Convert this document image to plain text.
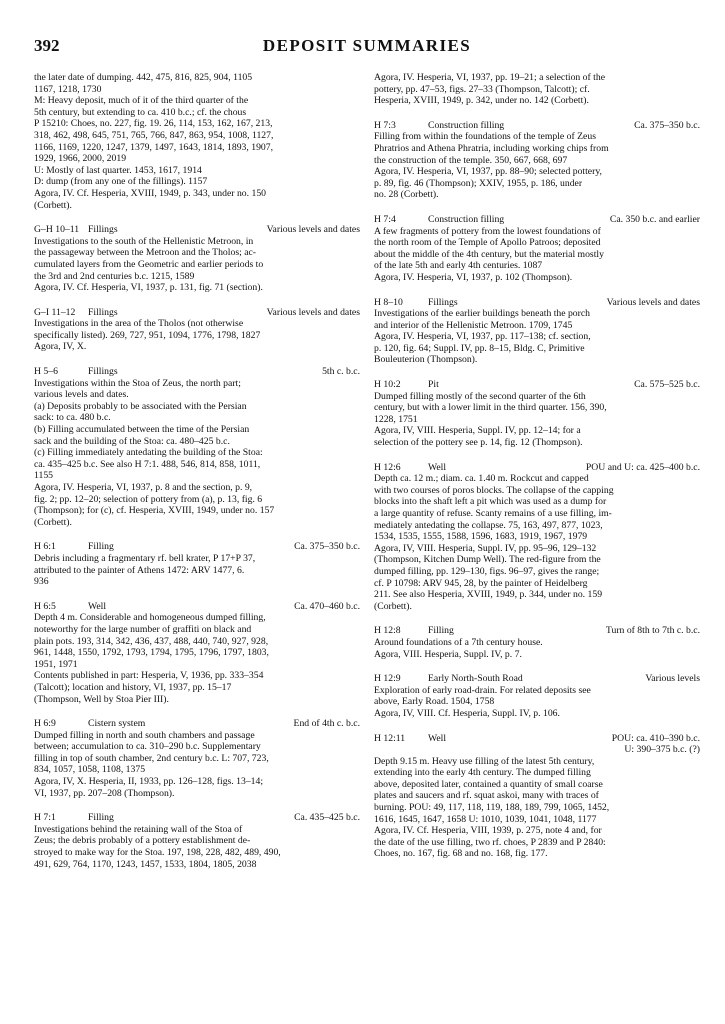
392	DEPOSIT SUMMARIES
the later date of dumping. 442, 475, 816, 825, 904, 1105
1167, 1218, 1730
M: Heavy deposit, much of it of the third quarter of the
5th century, but extending to ca. 410 b.c.; cf. the chous
P 15210: Choes, no. 227, fig. 19. 26, 114, 153, 162, 167, 213,
318, 462, 498, 645, 751, 765, 766, 847, 863, 954, 1008, 1127,
1166, 1169, 1220, 1247, 1379, 1497, 1643, 1814, 1893, 1907,
1929, 1966, 2000, 2019
U: Mostly of last quarter. 1453, 1617, 1914
D: dump (from any one of the fillings). 1157
Agora, IV. Cf. Hesperia, XVIII, 1949, p. 343, under no. 150
(Corbett).
G–H 10–11 Fillings	Various levels and dates
Investigations to the south of the Hellenistic Metroon, in
the passageway between the Metroon and the Tholos; ac-
cumulated layers from the Geometric and earlier periods to
the 3rd and 2nd centuries b.c. 1215, 1589
Agora, IV. Cf. Hesperia, VI, 1937, p. 131, fig. 71 (section).
G–I 11–12 Fillings	Various levels and dates
Investigations in the area of the Tholos (not otherwise
specifically listed). 269, 727, 951, 1094, 1776, 1798, 1827
Agora, IV, X.
H 5–6	Fillings	5th c. b.c.
Investigations within the Stoa of Zeus, the north part;
various levels and dates.
(a) Deposits probably to be associated with the Persian
sack: to ca. 480 b.c.
(b) Filling accumulated between the time of the Persian
sack and the building of the Stoa: ca. 480–425 b.c.
(c) Filling immediately antedating the building of the Stoa:
ca. 435–425 b.c. See also H 7:1. 488, 546, 814, 858, 1011,
1155
Agora, IV. Hesperia, VI, 1937, p. 8 and the section, p. 9,
fig. 2; pp. 12–20; selection of pottery from (a), p. 13, fig. 6
(Thompson); for (c), cf. Hesperia, XVIII, 1949, under no. 157
(Corbett).
H 6:1	Filling	Ca. 375–350 b.c.
Debris including a fragmentary rf. bell krater, P 17+P 37,
attributed to the painter of Athens 1472: ARV 1477, 6.
936
H 6:5	Well	Ca. 470–460 b.c.
Depth 4 m. Considerable and homogeneous dumped filling,
noteworthy for the large number of graffiti on black and
plain pots. 193, 314, 342, 436, 437, 488, 440, 740, 927, 928,
961, 1448, 1550, 1792, 1793, 1794, 1795, 1796, 1797, 1803,
1951, 1971
Contents published in part: Hesperia, V, 1936, pp. 333–354
(Talcott); location and history, VI, 1937, pp. 15–17
(Thompson, Well by Stoa Pier III).
H 6:9	Cistern system	End of 4th c. b.c.
Dumped filling in north and south chambers and passage
between; accumulation to ca. 310–290 b.c. Supplementary
filling in top of south chamber, 2nd century b.c. L: 707, 723,
834, 1057, 1058, 1108, 1375
Agora, IV, X. Hesperia, II, 1933, pp. 126–128, figs. 13–14;
VI, 1937, pp. 207–208 (Thompson).
H 7:1	Filling	Ca. 435–425 b.c.
Investigations behind the retaining wall of the Stoa of
Zeus; the debris probably of a pottery establishment de-
stroyed to make way for the Stoa. 197, 198, 228, 482, 489, 490,
491, 629, 764, 1170, 1243, 1457, 1533, 1804, 1805, 2038
Agora, IV. Hesperia, VI, 1937, pp. 19–21; a selection of the
pottery, pp. 47–53, figs. 27–33 (Thompson, Talcott); cf.
Hesperia, XVIII, 1949, p. 342, under no. 142 (Corbett).
H 7:3	Construction filling	Ca. 375–350 b.c.
Filling from within the foundations of the temple of Zeus
Phratrios and Athena Phratria, including working chips from
the construction of the temple. 350, 667, 668, 697
Agora, IV. Hesperia, VI, 1937, pp. 88–90; selected pottery,
p. 89, fig. 46 (Thompson); XXIV, 1955, p. 186, under
no. 28 (Corbett).
H 7:4	Construction filling	Ca. 350 b.c. and earlier
A few fragments of pottery from the lowest foundations of
the north room of the Temple of Apollo Patroos; deposited
about the middle of the 4th century, but the material mostly
of the late 5th and early 4th centuries. 1087
Agora, IV. Hesperia, VI, 1937, p. 102 (Thompson).
H 8–10	Fillings	Various levels and dates
Investigations of the earlier buildings beneath the porch
and interior of the Hellenistic Metroon. 1709, 1745
Agora, IV. Hesperia, VI, 1937, pp. 117–138; cf. section,
p. 120, fig. 64; Suppl. IV, pp. 8–15, Bldg. C, Primitive
Bouleuterion (Thompson).
H 10:2	Pit	Ca. 575–525 b.c.
Dumped filling mostly of the second quarter of the 6th
century, but with a lower limit in the third quarter. 156, 390,
1228, 1751
Agora, IV, VIII. Hesperia, Suppl. IV, pp. 12–14; for a
selection of the pottery see p. 14, fig. 12 (Thompson).
H 12:6	Well	POU and U: ca. 425–400 b.c.
Depth ca. 12 m.; diam. ca. 1.40 m. Rockcut and capped
with two courses of poros blocks. The collapse of the capping
blocks into the shaft left a pit which was used as a dump for
a large quantity of refuse. Scanty remains of a use filling, im-
mediately antedating the collapse. 75, 163, 497, 877, 1023,
1534, 1535, 1555, 1588, 1596, 1683, 1919, 1967, 1979
Agora, IV, VIII. Hesperia, Suppl. IV, pp. 95–96, 129–132
(Thompson, Kitchen Dump Well). The red-figure from the
dumped filling, pp. 129–130, figs. 96–97, gives the range;
cf. P 10798: ARV 945, 28, by the painter of Heidelberg
211. See also Hesperia, XVIII, 1949, p. 344, under no. 159
(Corbett).
H 12:8	Filling	Turn of 8th to 7th c. b.c.
Around foundations of a 7th century house.
Agora, VIII. Hesperia, Suppl. IV, p. 7.
H 12:9	Early North-South Road	Various levels
Exploration of early road-drain. For related deposits see
above, Early Road. 1504, 1758
Agora, IV, VIII. Cf. Hesperia, Suppl. IV, p. 106.
H 12:11 Well	POU: ca. 410–390 b.c.
U: 390–375 b.c. (?)
Depth 9.15 m. Heavy use filling of the latest 5th century,
extending into the early 4th century. The dumped filling
above, deposited later, contained a quantity of small coarse
plates and saucers and rf. squat askoi, many with traces of
burning. POU: 49, 117, 118, 119, 188, 189, 799, 1065, 1452,
1616, 1645, 1647, 1658 U: 1010, 1039, 1041, 1048, 1177
Agora, IV. Cf. Hesperia, VIII, 1939, p. 275, note 4 and, for
the date of the use filling, two rf. choes, P 2839 and P 2840:
Choes, no. 167, fig. 68 and no. 168, fig. 177.
